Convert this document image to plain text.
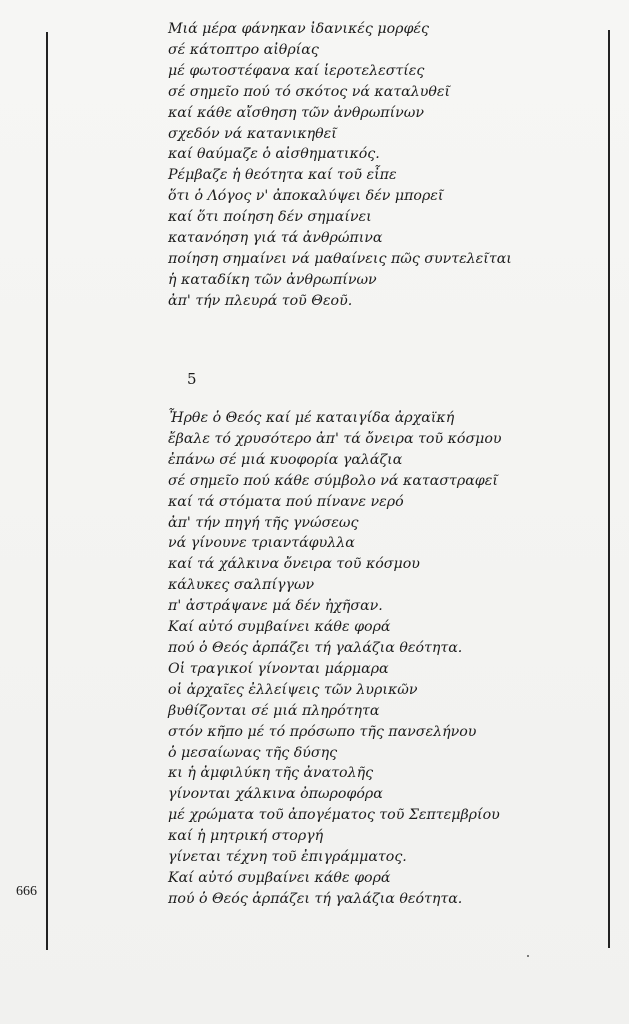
Μιά μέρα φάνηκαν ἰδανικές μορφές
σέ κάτοπτρο αἰθρίας
μέ φωτοστέφανα καί ἱεροτελεστίες
σέ σημεῖο πού τό σκότος νά καταλυθεῖ
καί κάθε αἴσθηση τῶν ἀνθρωπίνων
σχεδόν νά κατανικηθεῖ
καί θαύμαζε ὁ αἰσθηματικός.
Ρέμβαζε ἡ θεότητα καί τοῦ εἶπε
ὅτι ὁ Λόγος ν' ἀποκαλύψει δέν μπορεῖ
καί ὅτι ποίηση δέν σημαίνει
κατανόηση γιά τά ἀνθρώπινα
ποίηση σημαίνει νά μαθαίνεις πῶς συντελεῖται
ἡ καταδίκη τῶν ἀνθρωπίνων
ἀπ' τήν πλευρά τοῦ Θεοῦ.
5
Ἦρθε ὁ Θεός καί μέ καταιγίδα ἀρχαϊκή
ἔβαλε τό χρυσότερο ἀπ' τά ὄνειρα τοῦ κόσμου
ἐπάνω σέ μιά κυοφορία γαλάζια
σέ σημεῖο πού κάθε σύμβολο νά καταστραφεῖ
καί τά στόματα πού πίνανε νερό
ἀπ' τήν πηγή τῆς γνώσεως
νά γίνουνε τριαντάφυλλα
καί τά χάλκινα ὄνειρα τοῦ κόσμου
κάλυκες σαλπίγγων
π' ἀστράψανε μά δέν ἠχῆσαν.
Καί αὐτό συμβαίνει κάθε φορά
πού ὁ Θεός ἁρπάζει τή γαλάζια θεότητα.
Οἱ τραγικοί γίνονται μάρμαρα
οἱ ἀρχαῖες ἐλλείψεις τῶν λυρικῶν
βυθίζονται σέ μιά πληρότητα
στόν κῆπο μέ τό πρόσωπο τῆς πανσελήνου
ὁ μεσαίωνας τῆς δύσης
κι ἡ ἀμφιλύκη τῆς ἀνατολῆς
γίνονται χάλκινα ὀπωροφόρα
μέ χρώματα τοῦ ἀπογέματος τοῦ Σεπτεμβρίου
καί ἡ μητρική στοργή
γίνεται τέχνη τοῦ ἐπιγράμματος.
Καί αὐτό συμβαίνει κάθε φορά
πού ὁ Θεός ἁρπάζει τή γαλάζια θεότητα.
666
